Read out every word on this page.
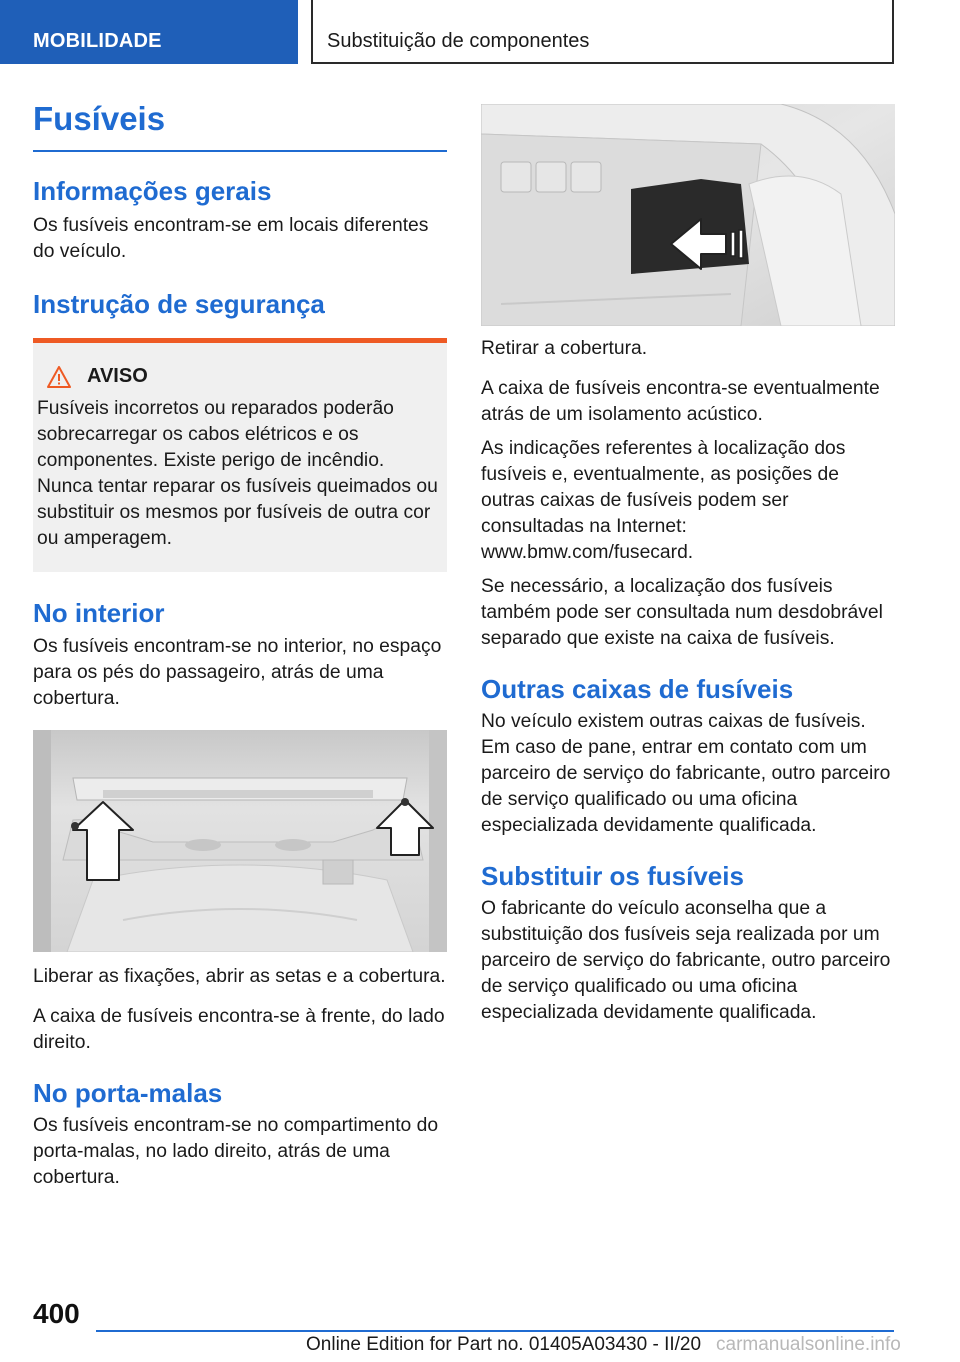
MOBILIDADE	Substituição de componentes
Fusíveis
Informações gerais

Os fusíveis encontram-se em locais diferentes do veículo.

Instrução de segurança
AVISO

Fusíveis incorretos ou reparados poderão sobrecarregar os cabos elétricos e os componentes. Existe perigo de incêndio. Nunca tentar reparar os fusíveis queimados ou substituir os mesmos por fusíveis de outra cor ou amperagem.

No interior

Os fusíveis encontram-se no interior, no espaço para os pés do passageiro, atrás de uma cobertura.

Liberar as fixações, abrir as setas e a cobertura.

A caixa de fusíveis encontra-se à frente, do lado direito.

No porta-malas

Os fusíveis encontram-se no compartimento do porta-malas, no lado direito, atrás de uma cobertura.

Retirar a cobertura.

A caixa de fusíveis encontra-se eventualmente atrás de um isolamento acústico.

As indicações referentes à localização dos fusíveis e, eventualmente, as posições de outras caixas de fusíveis podem ser consultadas na Internet: www.bmw.com/fusecard.

Se necessário, a localização dos fusíveis também pode ser consultada num desdobrável separado que existe na caixa de fusíveis.

Outras caixas de fusíveis

No veículo existem outras caixas de fusíveis. Em caso de pane, entrar em contato com um parceiro de serviço do fabricante, outro parceiro de serviço qualificado ou uma oficina especializada devidamente qualificada.

Substituir os fusíveis

O fabricante do veículo aconselha que a substituição dos fusíveis seja realizada por um parceiro de serviço do fabricante, outro parceiro de serviço qualificado ou uma oficina especializada devidamente qualificada.

400
Online Edition for Part no. 01405A03430 - II/20 carmanualsonline.info
